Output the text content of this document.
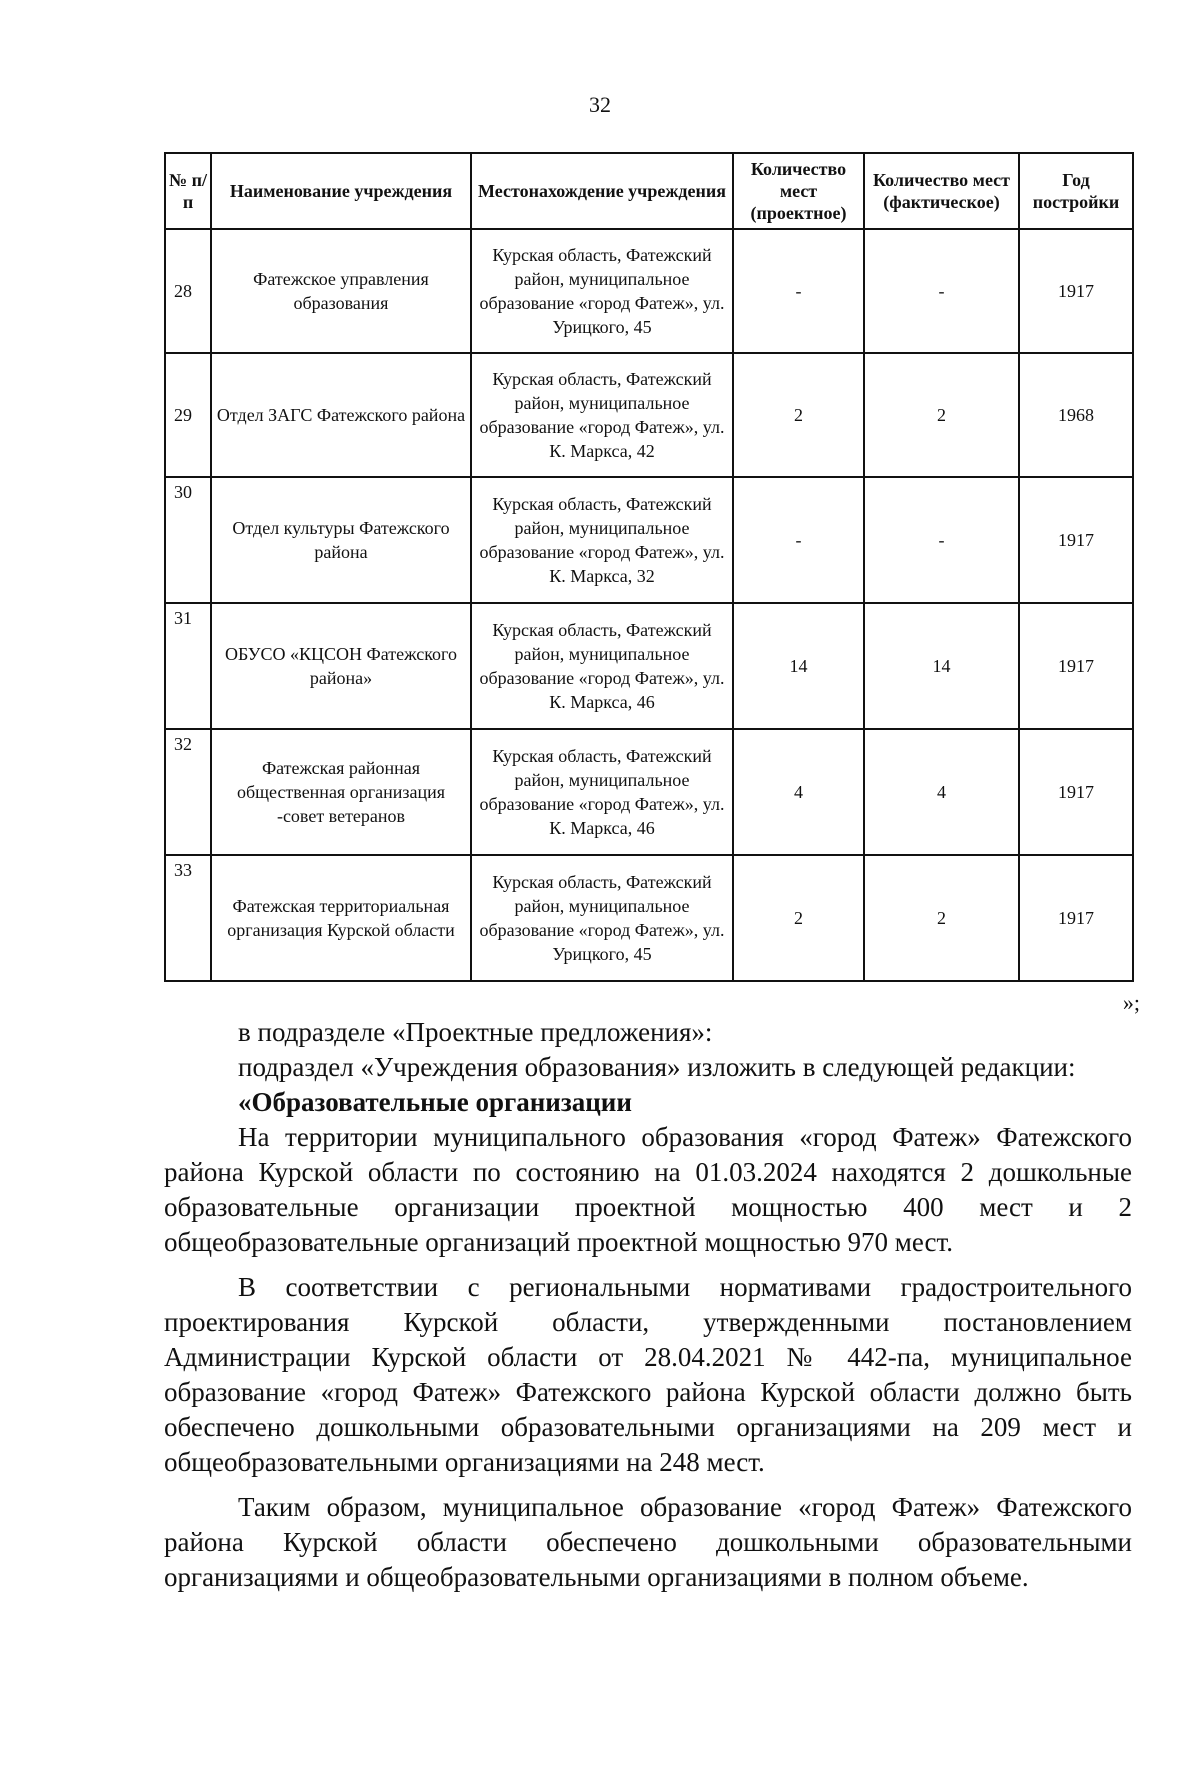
32
№ п/п	Наименование учреждения	Местонахождение учреждения	Количество мест (проектное)	Количество мест (фактическое)	Год постройки
28	Фатежское управления образования	Курская область, Фатежский район, муниципальное образование «город Фатеж», ул. Урицкого, 45	-	-	1917
29	Отдел ЗАГС Фатежского района	Курская область, Фатежский район, муниципальное образование «город Фатеж», ул. К. Маркса, 42	2	2	1968
30	Отдел культуры Фатежского района	Курская область, Фатежский район, муниципальное образование «город Фатеж», ул. К. Маркса, 32	-	-	1917
31	ОБУСО «КЦСОН Фатежского района»	Курская область, Фатежский район, муниципальное образование «город Фатеж», ул. К. Маркса, 46	14	14	1917
32	Фатежская районная общественная организация -совет ветеранов	Курская область, Фатежский район, муниципальное образование «город Фатеж», ул. К. Маркса, 46	4	4	1917
33	Фатежская территориальная организация Курской области	Курская область, Фатежский район, муниципальное образование «город Фатеж», ул. Урицкого, 45	2	2	1917
»;

в подразделе «Проектные предложения»:

подраздел «Учреждения образования» изложить в следующей редакции:

«Образовательные организации

На территории муниципального образования «город Фатеж» Фатежского района Курской области по состоянию на 01.03.2024 находятся 2 дошкольные образовательные организации проектной мощностью 400 мест и 2 общеобразовательные организаций проектной мощностью 970 мест.

В соответствии с региональными нормативами градостроительного проектирования Курской области, утвержденными постановлением Администрации Курской области от 28.04.2021 № 442-па, муниципальное образование «город Фатеж» Фатежского района Курской области должно быть обеспечено дошкольными образовательными организациями на 209 мест и общеобразовательными организациями на 248 мест.

Таким образом, муниципальное образование «город Фатеж» Фатежского района Курской области обеспечено дошкольными образовательными организациями и общеобразовательными организациями в полном объеме.
